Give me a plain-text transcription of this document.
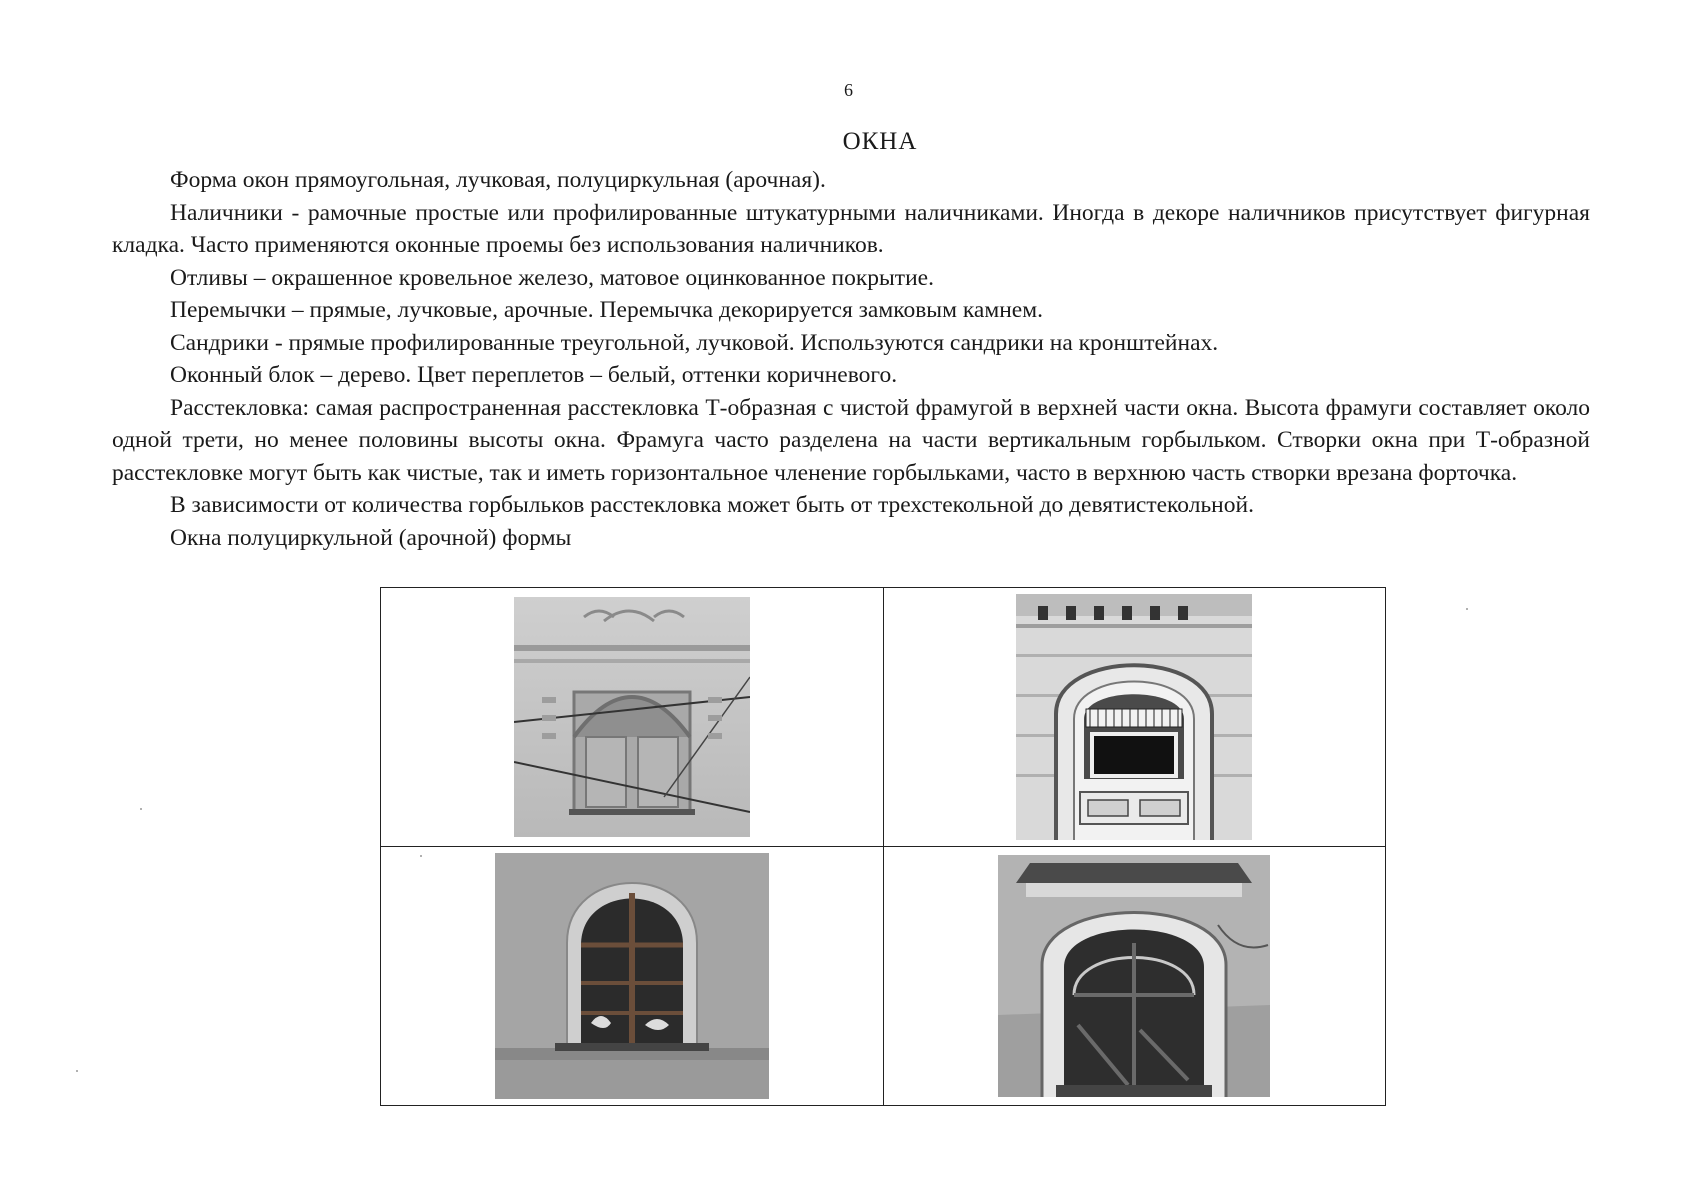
6
ОКНА

Форма окон прямоугольная, лучковая, полуциркульная (арочная).

Наличники - рамочные простые или профилированные штукатурными наличниками. Иногда в декоре наличников присутствует фигурная кладка. Часто применяются оконные проемы без использования наличников.

Отливы – окрашенное кровельное железо, матовое оцинкованное покрытие.

Перемычки – прямые, лучковые, арочные. Перемычка декорируется замковым камнем.

Сандрики - прямые профилированные треугольной, лучковой. Используются сандрики на кронштейнах.

Оконный блок – дерево. Цвет переплетов – белый, оттенки коричневого.

Расстекловка: самая распространенная расстекловка Т-образная с чистой фрамугой в верхней части окна. Высота фрамуги составляет около одной трети, но менее половины высоты окна. Фрамуга часто разделена на части вертикальным горбыльком. Створки окна при Т-образной расстекловке могут быть как чистые, так и иметь горизонтальное членение горбыльками, часто в верхнюю часть створки врезана форточка.

В зависимости от количества горбыльков расстекловка может быть от трехстекольной до девятистекольной.

Окна полуциркульной (арочной) формы
